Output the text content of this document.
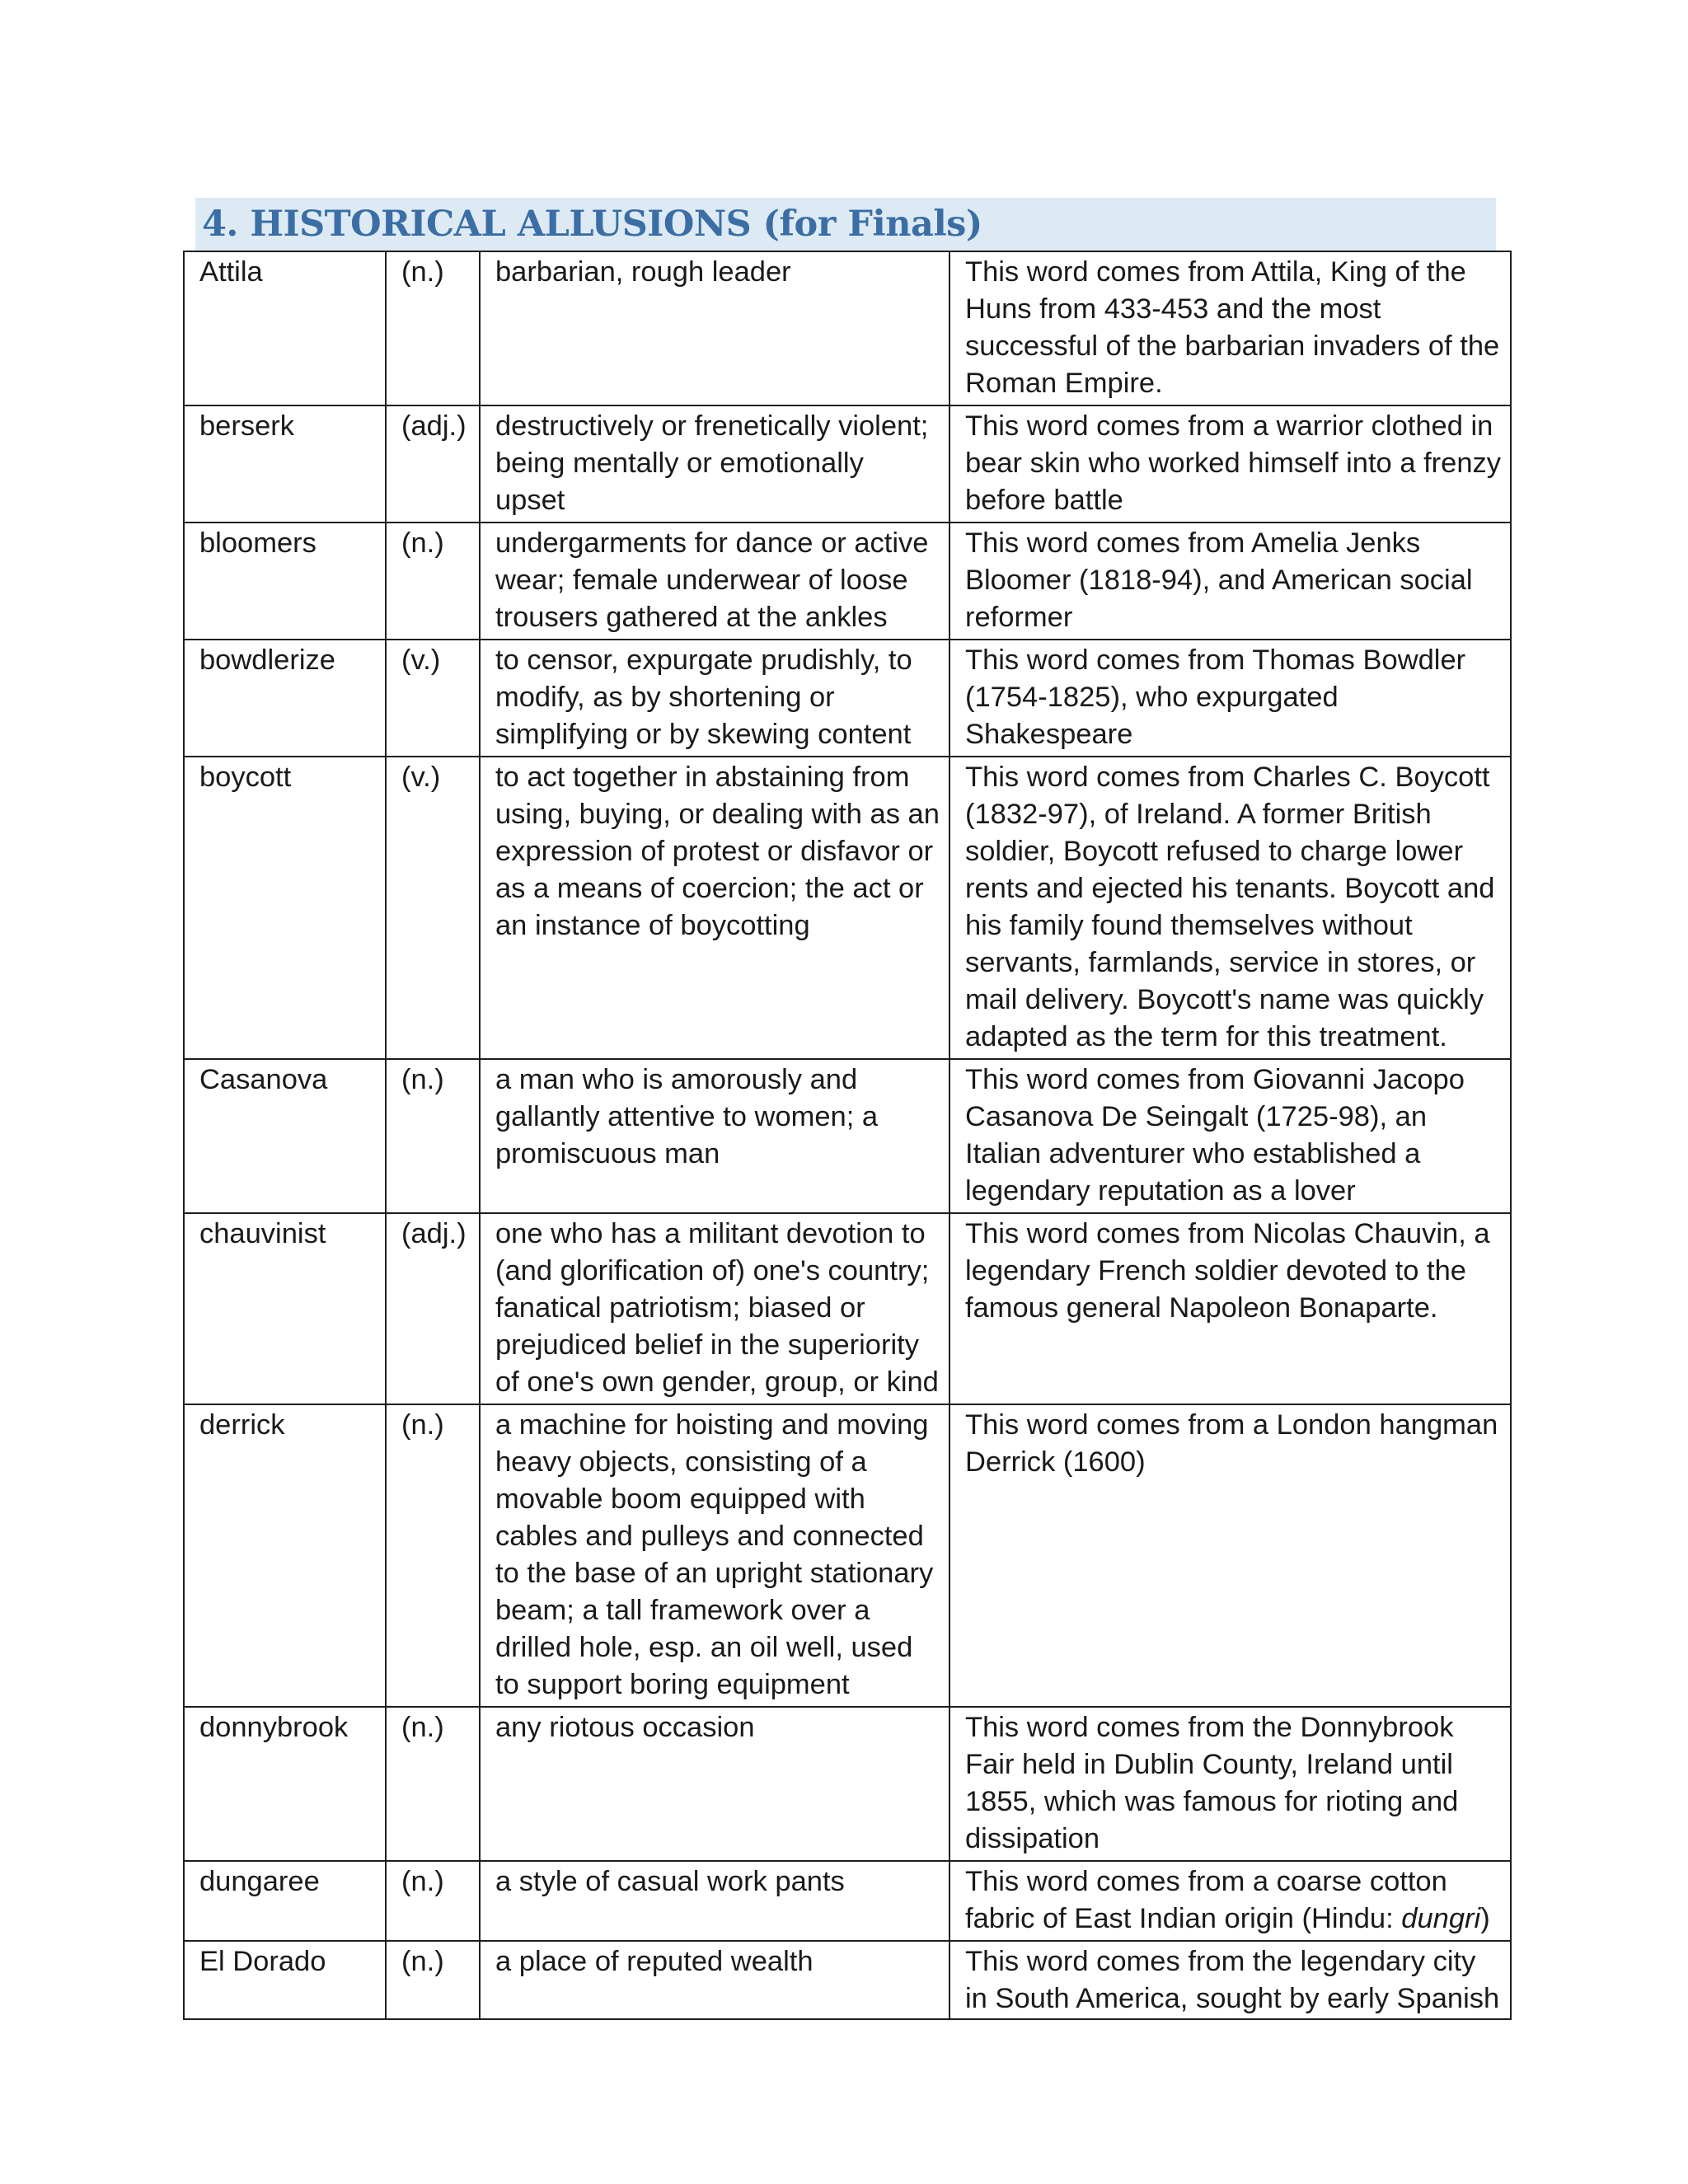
4. HISTORICAL ALLUSIONS (for Finals)
Attila	(n.)	barbarian, rough leader	This word comes from Attila, King of the Huns from 433-453 and the most successful of the barbarian invaders of the Roman Empire.
berserk	(adj.)	destructively or frenetically violent; being mentally or emotionally upset	This word comes from a warrior clothed in bear skin who worked himself into a frenzy before battle
bloomers	(n.)	undergarments for dance or active wear; female underwear of loose trousers gathered at the ankles	This word comes from Amelia Jenks Bloomer (1818-94), and American social reformer
bowdlerize	(v.)	to censor, expurgate prudishly, to modify, as by shortening or simplifying or by skewing content	This word comes from Thomas Bowdler (1754-1825), who expurgated Shakespeare
boycott	(v.)	to act together in abstaining from using, buying, or dealing with as an expression of protest or disfavor or as a means of coercion; the act or an instance of boycotting	This word comes from Charles C. Boycott (1832-97), of Ireland. A former British soldier, Boycott refused to charge lower rents and ejected his tenants. Boycott and his family found themselves without servants, farmlands, service in stores, or mail delivery. Boycott's name was quickly adapted as the term for this treatment.
Casanova	(n.)	a man who is amorously and gallantly attentive to women; a promiscuous man	This word comes from Giovanni Jacopo Casanova De Seingalt (1725-98), an Italian adventurer who established a legendary reputation as a lover
chauvinist	(adj.)	one who has a militant devotion to (and glorification of) one's country; fanatical patriotism; biased or prejudiced belief in the superiority of one's own gender, group, or kind	This word comes from Nicolas Chauvin, a legendary French soldier devoted to the famous general Napoleon Bonaparte.
derrick	(n.)	a machine for hoisting and moving heavy objects, consisting of a movable boom equipped with cables and pulleys and connected to the base of an upright stationary beam; a tall framework over a drilled hole, esp. an oil well, used to support boring equipment	This word comes from a London hangman Derrick (1600)
donnybrook	(n.)	any riotous occasion	This word comes from the Donnybrook Fair held in Dublin County, Ireland until 1855, which was famous for rioting and dissipation
dungaree	(n.)	a style of casual work pants	This word comes from a coarse cotton fabric of East Indian origin (Hindu: dungri)
El Dorado	(n.)	a place of reputed wealth	This word comes from the legendary city in South America, sought by early Spanish
